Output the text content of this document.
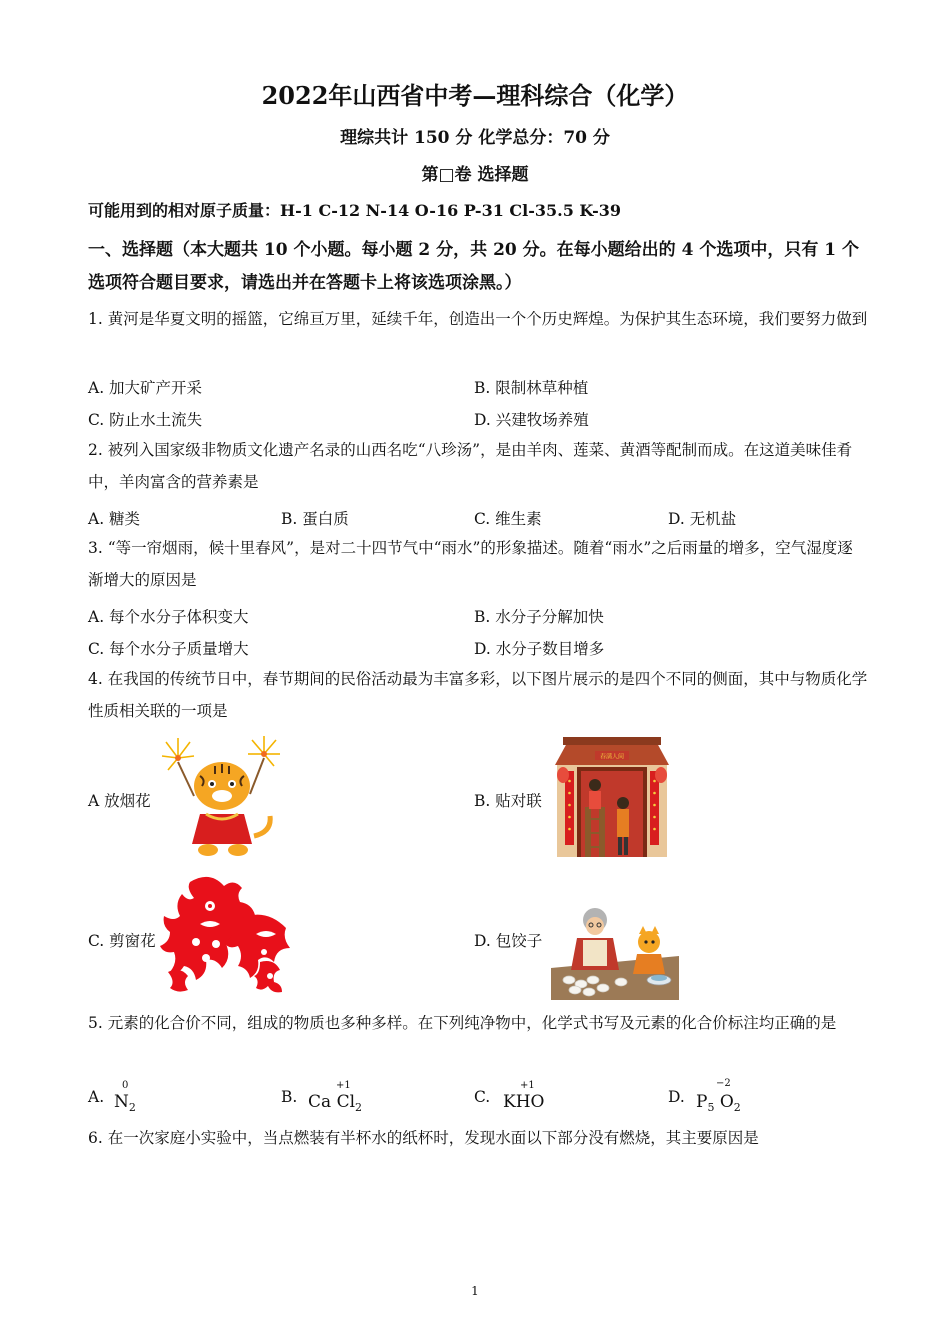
2022年山西省中考—理科综合（化学）
理综共计 150 分 化学总分：70 分
第□卷 选择题
可能用到的相对原子质量：H-1 C-12 N-14 O-16 P-31 Cl-35.5 K-39
一、选择题（本大题共 10 个小题。每小题 2 分，共 20 分。在每小题给出的 4 个选项中，只有 1 个选项符合题目要求，请选出并在答题卡上将该选项涂黑。）
1. 黄河是华夏文明的摇篮，它绵亘万里，延续千年，创造出一个个历史辉煌。为保护其生态环境，我们要努力做到
A. 加大矿产开采	B. 限制林草种植
C. 防止水土流失	D. 兴建牧场养殖
2. 被列入国家级非物质文化遗产名录的山西名吃“八珍汤”，是由羊肉、莲菜、黄酒等配制而成。在这道美味佳肴中，羊肉富含的营养素是
A. 糖类	B. 蛋白质	C. 维生素	D. 无机盐
3. “等一帘烟雨，候十里春风”，是对二十四节气中“雨水”的形象描述。随着“雨水”之后雨量的增多，空气湿度逐渐增大的原因是
A. 每个水分子体积变大	B. 水分子分解加快
C. 每个水分子质量增大	D. 水分子数目增多
4. 在我国的传统节日中，春节期间的民俗活动最为丰富多彩，以下图片展示的是四个不同的侧面，其中与物质化学性质相关联的一项是
A 放烟花	B. 贴对联
春满人间
C. 剪窗花	D. 包饺子
5. 元素的化合价不同，组成的物质也多种多样。在下列纯净物中，化学式书写及元素的化合价标注均正确的是
A.
0
$N_2$
B.
+1
Ca $Cl_2$
C.
+1
KHO	D.
−2
$P_5$ $O_2$
6. 在一次家庭小实验中，当点燃装有半杯水的纸杯时，发现水面以下部分没有燃烧，其主要原因是
1
